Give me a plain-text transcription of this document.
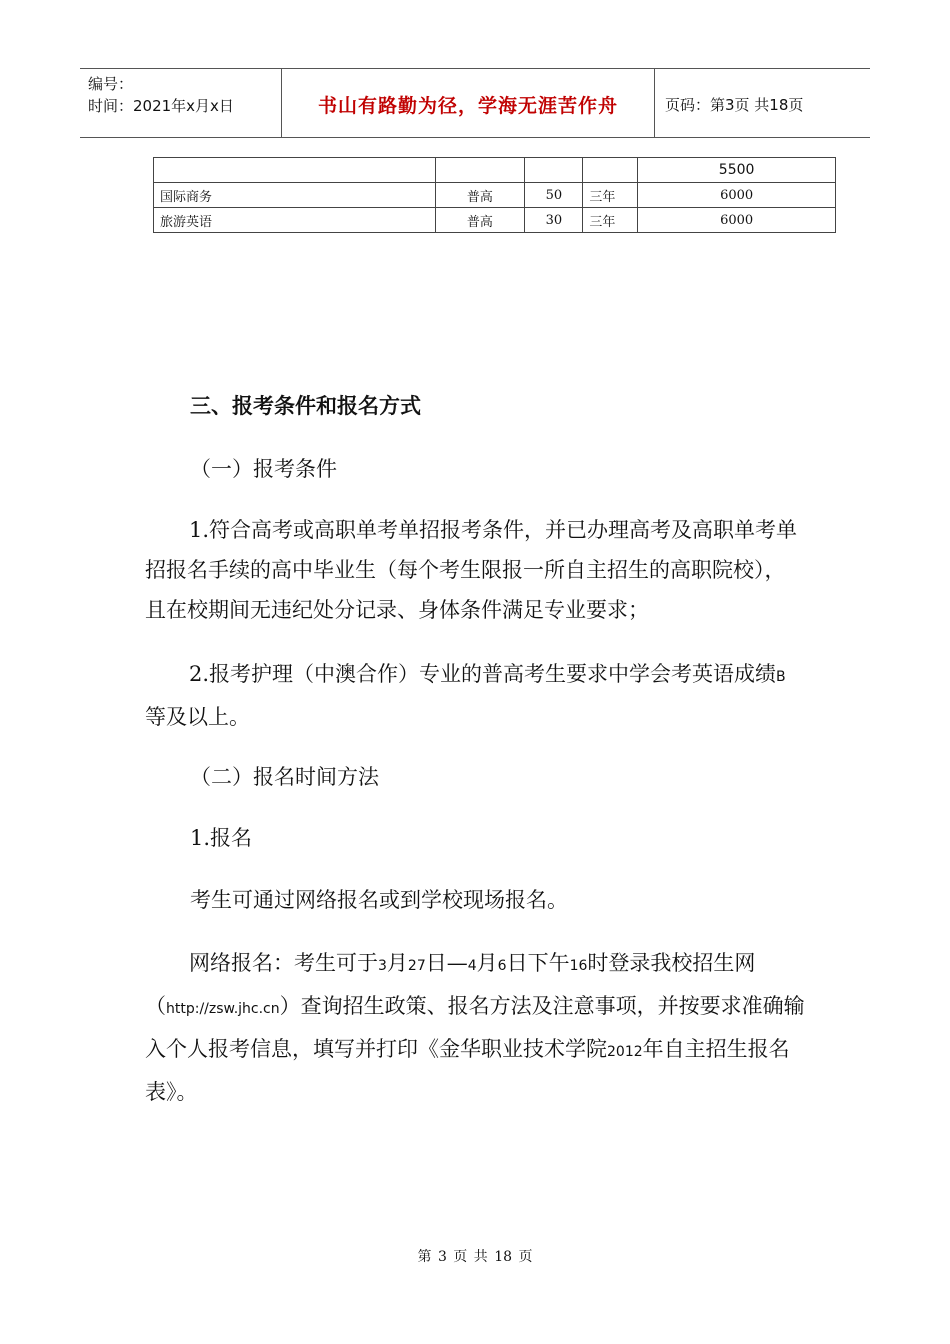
编号：
时间：2021年x月x日	书山有路勤为径，学海无涯苦作舟	页码：第3页 共18页
				5500
国际商务	普高	50	三年	6000
旅游英语	普高	30	三年	6000
三、报考条件和报名方式

（一）报考条件

1.符合高考或高职单考单招报考条件，并已办理高考及高职单考单招报名手续的高中毕业生（每个考生限报一所自主招生的高职院校），且在校期间无违纪处分记录、身体条件满足专业要求；

2.报考护理（中澳合作）专业的普高考生要求中学会考英语成绩B等及以上。

（二）报名时间方法

1.报名

考生可通过网络报名或到学校现场报名。

网络报名：考生可于3月27日—4月6日下午16时登录我校招生网（http://zsw.jhc.cn）查询招生政策、报名方法及注意事项，并按要求准确输入个人报考信息，填写并打印《金华职业技术学院2012年自主招生报名表》。

第 3 页 共 18 页
